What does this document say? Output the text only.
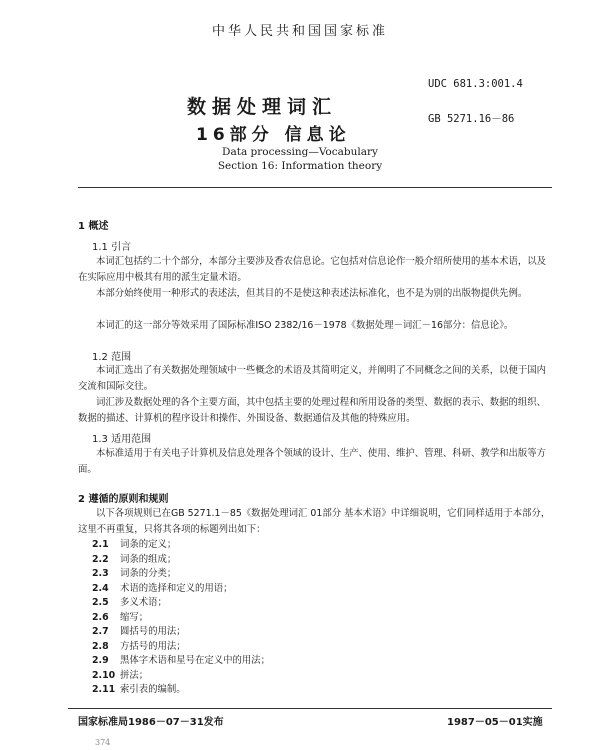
中华人民共和国国家标准
数据处理词汇
16部分 信息论
UDC 681.3:001.4
GB 5271.16－86
Data processing—Vocabulary
Section 16: Information theory
1 概述
1.1 引言
本词汇包括约二十个部分，本部分主要涉及香农信息论。它包括对信息论作一般介绍所使用的基本术语，以及在实际应用中极其有用的派生定量术语。
本部分始终使用一种形式的表述法，但其目的不是使这种表述法标准化，也不是为别的出版物提供先例。
本词汇的这一部分等效采用了国际标准ISO 2382/16－1978《数据处理－词汇－16部分：信息论》。
1.2 范围
本词汇选出了有关数据处理领域中一些概念的术语及其简明定义，并阐明了不同概念之间的关系，以便于国内交流和国际交往。
词汇涉及数据处理的各个主要方面，其中包括主要的处理过程和所用设备的类型、数据的表示、数据的组织、数据的描述、计算机的程序设计和操作、外围设备、数据通信及其他的特殊应用。
1.3 适用范围
本标准适用于有关电子计算机及信息处理各个领域的设计、生产、使用、维护、管理、科研、教学和出版等方面。
2 遵循的原则和规则
以下各项规则已在GB 5271.1－85《数据处理词汇 01部分 基本术语》中详细说明，它们同样适用于本部分，这里不再重复，只将其各项的标题列出如下：
2.1 词条的定义；
2.2 词条的组成；
2.3 词条的分类；
2.4 术语的选择和定义的用语；
2.5 多义术语；
2.6 缩写；
2.7 圆括号的用法；
2.8 方括号的用法；
2.9 黑体字术语和星号在定义中的用法；
2.10 拼法；
2.11 索引表的编制。
国家标准局1986－07－31发布	1987－05－01实施
374
